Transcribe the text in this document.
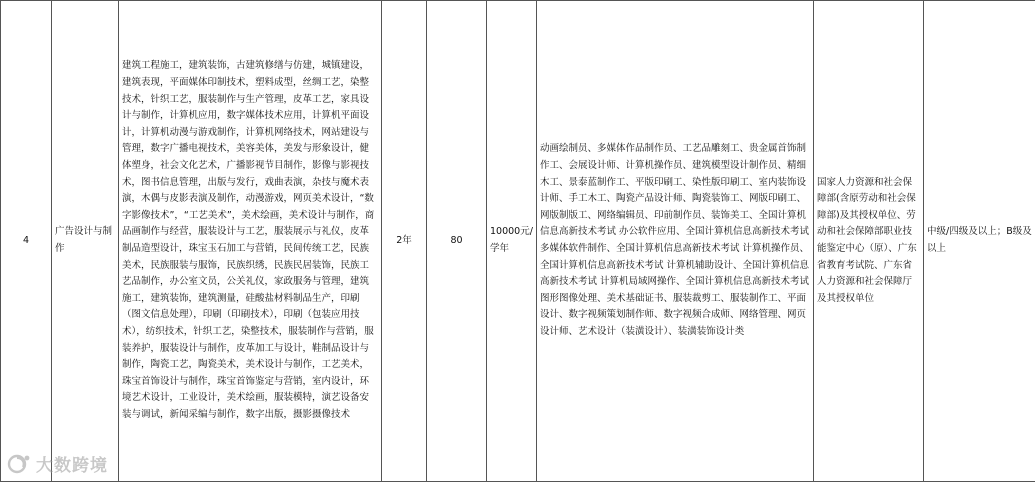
4	广告设计与制作	建筑工程施工，建筑装饰，古建筑修缮与仿建，城镇建设，建筑表现，平面媒体印制技术，塑料成型，丝绸工艺，染整技术，针织工艺，服装制作与生产管理，皮革工艺，家具设计与制作，计算机应用，数字媒体技术应用，计算机平面设计，计算机动漫与游戏制作，计算机网络技术，网站建设与管理，数字广播电视技术，美容美体，美发与形象设计，健体塑身，社会文化艺术，广播影视节目制作，影像与影视技术，图书信息管理，出版与发行，戏曲表演，杂技与魔术表演，木偶与皮影表演及制作，动漫游戏，网页美术设计，“数字影像技术”，“工艺美术”，美术绘画，美术设计与制作，商品画制作与经营，服装设计与工艺，服装展示与礼仪，皮革制品造型设计，珠宝玉石加工与营销，民间传统工艺，民族美术，民族服装与服饰，民族织绣，民族民居装饰，民族工艺品制作，办公室文员，公关礼仪，家政服务与管理，建筑施工，建筑装饰，建筑测量，硅酸盐材料制品生产，印刷（图文信息处理），印刷（印刷技术），印刷（包装应用技术），纺织技术，针织工艺，染整技术，服装制作与营销，服装养护，服装设计与制作，皮革加工与设计，鞋制品设计与制作，陶瓷工艺，陶瓷美术，美术设计与制作，工艺美术，珠宝首饰设计与制作，珠宝首饰鉴定与营销，室内设计，环境艺术设计，工业设计，美术绘画，服装模特，演艺设备安装与调试，新闻采编与制作，数字出版，摄影摄像技术	2年	80	10000元/学年	动画绘制员、多媒体作品制作员、工艺品雕刻工、贵金属首饰制作工、会展设计师、计算机操作员、建筑模型设计制作员、精细木工、景泰蓝制作工、平版印刷工、染性版印刷工、室内装饰设计师、手工木工、陶瓷产品设计师、陶瓷装饰工、网版印刷工、网版制版工、网络编辑员、印前制作员、装饰美工、全国计算机信息高新技术考试 办公软件应用、全国计算机信息高新技术考试 多媒体软件制作、全国计算机信息高新技术考试 计算机操作员、全国计算机信息高新技术考试 计算机辅助设计、全国计算机信息高新技术考试 计算机局域网操作、全国计算机信息高新技术考试 图形图像处理、美术基础证书、服装裁剪工、服装制作工、平面设计、数字视频策划制作师、数字视频合成师、网络管理、网页设计师、艺术设计（装潢设计）、装潢装饰设计类	国家人力资源和社会保障部(含原劳动和社会保障部)及其授权单位、劳动和社会保障部职业技能鉴定中心（原）、广东省教育考试院、广东省人力资源和社会保障厅及其授权单位	中级/四级及以上；B级及以上
大数跨境
